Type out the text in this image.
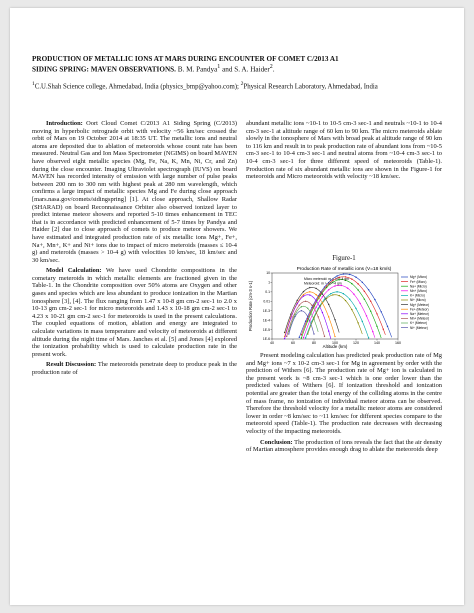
PRODUCTION OF METALLIC IONS AT MARS DURING ENCOUNTER OF COMET C/2013 A1
SIDING SPRING: MAVEN OBSERVATIONS. B. M. Pandya$^1$ and S. A. Haider$^2$.
$^1$C.U.Shah Science college, Ahmedabad, India (physics_bmp@yahoo.com); $^2$Physical Research Laboratory, Ahmedabad, India

Introduction: Oort Cloud Comet C/2013 A1 Siding Spring (C/2013) moving in hyperbolic retrograde orbit with velocity ~56 km/sec crossed the orbit of Mars on 19 October 2014 at 18:35 UT. The metallic ions and neutral atoms are deposited due to ablation of meteoroids whose count rate has been measured. Neutral Gas and Ion Mass Spectrometer (NGIMS) on board MAVEN have observed eight metallic species (Mg, Fe, Na, K, Mn, Ni, Cr, and Zn) during the close encounter. Imaging Ultraviolet spectrograph (IUVS) on board MAVEN has recorded intensity of emission with large number of pulse peaks between 200 nm to 300 nm with highest peak at 280 nm wavelength, which confirms a large impact of metallic species Mg and Fe during close approach [mars.nasa.gov/comets/sidingspring] [1]. At close approach, Shallow Radar (SHARAD) on board Reconnaissance Orbiter also observed ionized layer to predict intense meteor showers and reported 5-10 times enhancement in TEC that is in accordance with predicted enhancement of 5-7 times by Pandya and Haider [2] due to close approach of comets to produce meteor showers. We have estimated and integrated production rate of six metallic ions Mg+, Fe+, Na+, Mn+, K+ and Ni+ ions due to impact of micro meteroids (masses ≤ 10-4 g) and meteroids (masses > 10-4 g) with velocities 10 km/sec, 18 km/sec and 30 km/sec.

Model Calculation: We have used Chondrite compositions in the cometary meteroids in which metallic elements are fractioned given in the Table-1. In the Chondrite composition over 50% atoms are Oxygen and other gases and species which are less abundant to produce ionization in the Martian ionosphere [3], [4]. The flux ranging from 1.47 x 10-8 gm cm-2 sec-1 to 2.0 x 10-13 gm cm-2 sec-1 for micro meteoroids and 1.43 x 10-18 gm cm-2 sec-1 to 4.23 x 10-21 gm cm-2 sec-1 for meteoroids is used in the present calculations. The coupled equations of motion, ablation and energy are integrated to calculate variations in mass temperature and velocity of meteoroids at different altitude during the night time of Mars. Janches et al. [5] and Jones [4] explored the ionization probability which is used to calculate production rate in the present work.

Result Discussion: The meteoroids penetrate deep to produce peak in the production rate of

abundant metallic ions ~10-1 to 10-5 cm-3 sec-1 and neutrals ~10-1 to 10-4 cm-3 sec-1 at altitude range of 60 km to 90 km. The micro meteroids ablate slowly in the ionosphere of Mars with broad peak at altitude range of 90 km to 116 km and result in to peak production rate of abundant ions from ~10-5 cm-3 sec-1 to 10-4 cm-3 sec-1 and neutral atoms from ~10-4 cm-3 sec-1 to 10-4 cm-3 sec-1 for three different speed of meteoroids (Table-1). Production rate of six abundant metallic ions are shown in the Figure-1 for meteoroids and Micro meteoroids with velocity ~18 km/sec.

Figure-1
Production Rate of metallic ions (V=18 km/s)
1E-6
1E-5
1E-4
1E-3
0.01
0.1
1
10
40	60	80	100	120	140	160
Altitude (km)
Production Rate (cm-3 s-1)
Micro meteroid: m < 10^-4 gm
Meteoroid: m > 10^-4 gm
Mg+ (Micro)
Fe+ (Micro)
Na+ (Micro)
Mn+ (Micro)
K+ (Micro)
Ni+ (Micro)
Mg+ (Meteor)
Fe+ (Meteor)
Na+ (Meteor)
Mn+ (Meteor)
K+ (Meteor)
Ni+ (Meteor)

Present modeling calculation has predicted peak production rate of Mg and Mg+ ions ~7 x 10-2 cm-3 sec-1 for Mg in agreement by order with the prediction of Withers [6]. The production rate of Mg+ ion is calculated in the present work is ~8 cm-3 sec-1 which is one order lower than the predicted values of Withers [6]. If ionization threshold and ionization potential are greater than the total energy of the colliding atoms in the centre of mass frame, no ionization of individual meteor atoms can be observed. Therefore the threshold velocity for a metallic meteor atoms are considered lower in order ~8 km/sec to ~11 km/sec for different species compare to the meteoroid speed (Table-1). The production rate decreases with decreasing velocity of the impacting meteoroids.

Conclusion: The production of ions reveals the fact that the air density of Martian atmosphere provides enough drag to ablate the meteoroids deep
